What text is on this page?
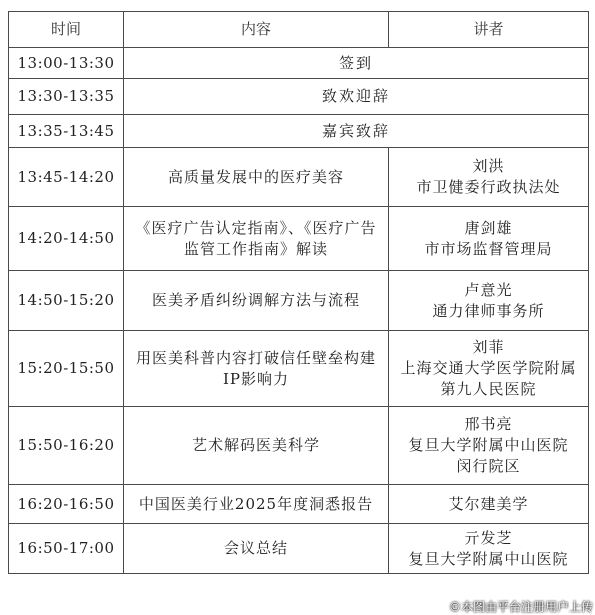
时间	内容	讲者
13:00-13:30	签到	
13:30-13:35	致欢迎辞	
13:35-13:45	嘉宾致辞	
13:45-14:20	高质量发展中的医疗美容	刘洪
市卫健委行政执法处

14:20-14:50	《医疗广告认定指南》、《医疗广告监管工作指南》解读	唐剑雄
市市场监督管理局

14:50-15:20	医美矛盾纠纷调解方法与流程	卢意光
通力律师事务所

15:20-15:50	用医美科普内容打破信任壁垒构建IP影响力	刘菲
上海交通大学医学院附属
第九人民医院

15:50-16:20	艺术解码医美科学	邢书亮
复旦大学附属中山医院
闵行院区

16:20-16:50	中国医美行业2025年度洞悉报告	艾尔建美学

16:50-17:00	会议总结	亓发芝
复旦大学附属中山医院
©本图由平台注册用户上传
